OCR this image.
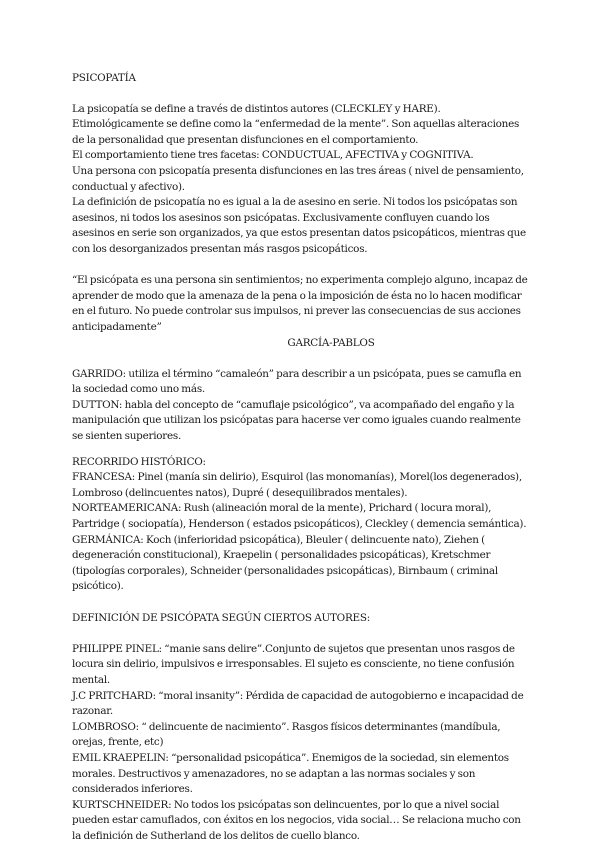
PSICOPATÍA

La psicopatía se define a través de distintos autores (CLECKLEY y HARE).

Etimológicamente se define como la “enfermedad de la mente”. Son aquellas alteraciones de la personalidad que presentan disfunciones en el comportamiento.

El comportamiento tiene tres facetas: CONDUCTUAL, AFECTIVA y COGNITIVA.

Una persona con psicopatía presenta disfunciones en las tres áreas ( nivel de pensamiento, conductual y afectivo).

La definición de psicopatía no es igual a la de asesino en serie. Ni todos los psicópatas son asesinos, ni todos los asesinos son psicópatas. Exclusivamente confluyen cuando los asesinos en serie son organizados, ya que estos presentan datos psicopáticos, mientras que con los desorganizados presentan más rasgos psicopáticos.

“El psicópata es una persona sin sentimientos; no experimenta complejo alguno, incapaz de aprender de modo que la amenaza de la pena o la imposición de ésta no lo hacen modificar en el futuro. No puede controlar sus impulsos, ni prever las consecuencias de sus acciones anticipadamente”

GARCÍA-PABLOS

GARRIDO: utiliza el término “camaleón” para describir a un psicópata, pues se camufla en la sociedad como uno más.

DUTTON: habla del concepto de “camuflaje psicológico”, va acompañado del engaño y la manipulación que utilizan los psicópatas para hacerse ver como iguales cuando realmente se sienten superiores.

RECORRIDO HISTÓRICO:

FRANCESA: Pinel (manía sin delirio), Esquirol (las monomanías), Morel(los degenerados), Lombroso (delincuentes natos), Dupré ( desequilibrados mentales).

NORTEAMERICANA: Rush (alineación moral de la mente), Prichard ( locura moral), Partridge ( sociopatía), Henderson ( estados psicopáticos), Cleckley ( demencia semántica).

GERMÁNICA: Koch (inferioridad psicopática), Bleuler ( delincuente nato), Ziehen ( degeneración constitucional), Kraepelin ( personalidades psicopáticas), Kretschmer (tipologías corporales), Schneider (personalidades psicopáticas), Birnbaum ( criminal psicótico).

DEFINICIÓN DE PSICÓPATA SEGÚN CIERTOS AUTORES:

PHILIPPE PINEL: “manie sans delire”.Conjunto de sujetos que presentan unos rasgos de locura sin delirio, impulsivos e irresponsables. El sujeto es consciente, no tiene confusión mental.

J.C PRITCHARD: “moral insanity”: Pérdida de capacidad de autogobierno e incapacidad de razonar.

LOMBROSO: “ delincuente de nacimiento”. Rasgos físicos determinantes (mandíbula, orejas, frente, etc)

EMIL KRAEPELIN: “personalidad psicopática”. Enemigos de la sociedad, sin elementos morales. Destructivos y amenazadores, no se adaptan a las normas sociales y son considerados inferiores.

KURTSCHNEIDER: No todos los psicópatas son delincuentes, por lo que a nivel social pueden estar camuflados, con éxitos en los negocios, vida social… Se relaciona mucho con la definición de Sutherland de los delitos de cuello blanco.
